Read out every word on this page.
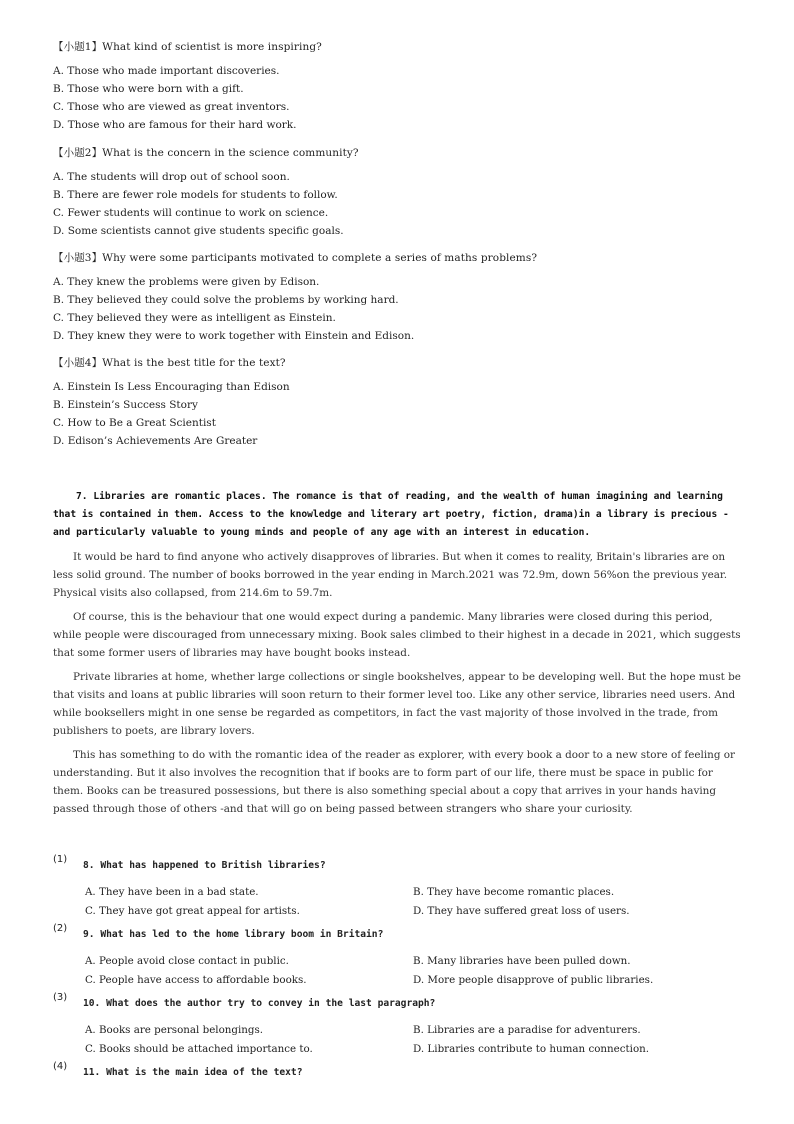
【小题1】What kind of scientist is more inspiring?
A. Those who made important discoveries.
B. Those who were born with a gift.
C. Those who are viewed as great inventors.
D. Those who are famous for their hard work.
【小题2】What is the concern in the science community?
A. The students will drop out of school soon.
B. There are fewer role models for students to follow.
C. Fewer students will continue to work on science.
D. Some scientists cannot give students specific goals.
【小题3】Why were some participants motivated to complete a series of maths problems?
A. They knew the problems were given by Edison.
B. They believed they could solve the problems by working hard.
C. They believed they were as intelligent as Einstein.
D. They knew they were to work together with Einstein and Edison.
【小题4】What is the best title for the text?
A. Einstein Is Less Encouraging than Edison
B. Einstein’s Success Story
C. How to Be a Great Scientist
D. Edison’s Achievements Are Greater
7. Libraries are romantic places. The romance is that of reading, and the wealth of human imagining and learning that is contained in them. Access to the knowledge and literary art poetry, fiction, drama)in a library is precious -and particularly valuable to young minds and people of any age with an interest in education.
It would be hard to find anyone who actively disapproves of libraries. But when it comes to reality, Britain's libraries are on less solid ground. The number of books borrowed in the year ending in March.2021 was 72.9m, down 56%on the previous year. Physical visits also collapsed, from 214.6m to 59.7m.
Of course, this is the behaviour that one would expect during a pandemic. Many libraries were closed during this period, while people were discouraged from unnecessary mixing. Book sales climbed to their highest in a decade in 2021, which suggests that some former users of libraries may have bought books instead.
Private libraries at home, whether large collections or single bookshelves, appear to be developing well. But the hope must be that visits and loans at public libraries will soon return to their former level too. Like any other service, libraries need users. And while booksellers might in one sense be regarded as competitors, in fact the vast majority of those involved in the trade, from publishers to poets, are library lovers.
This has something to do with the romantic idea of the reader as explorer, with every book a door to a new store of feeling or understanding. But it also involves the recognition that if books are to form part of our life, there must be space in public for them. Books can be treasured possessions, but there is also something special about a copy that arrives in your hands having passed through those of others -and that will go on being passed between strangers who share your curiosity.
(1)
8. What has happened to British libraries?
A. They have been in a bad state.	B. They have become romantic places.
C. They have got great appeal for artists.	D. They have suffered great loss of users.
(2)
9. What has led to the home library boom in Britain?
A. People avoid close contact in public.	B. Many libraries have been pulled down.
C. People have access to affordable books.	D. More people disapprove of public libraries.
(3)
10. What does the author try to convey in the last paragraph?
A. Books are personal belongings.	B. Libraries are a paradise for adventurers.
C. Books should be attached importance to.	D. Libraries contribute to human connection.
(4)
11. What is the main idea of the text?
